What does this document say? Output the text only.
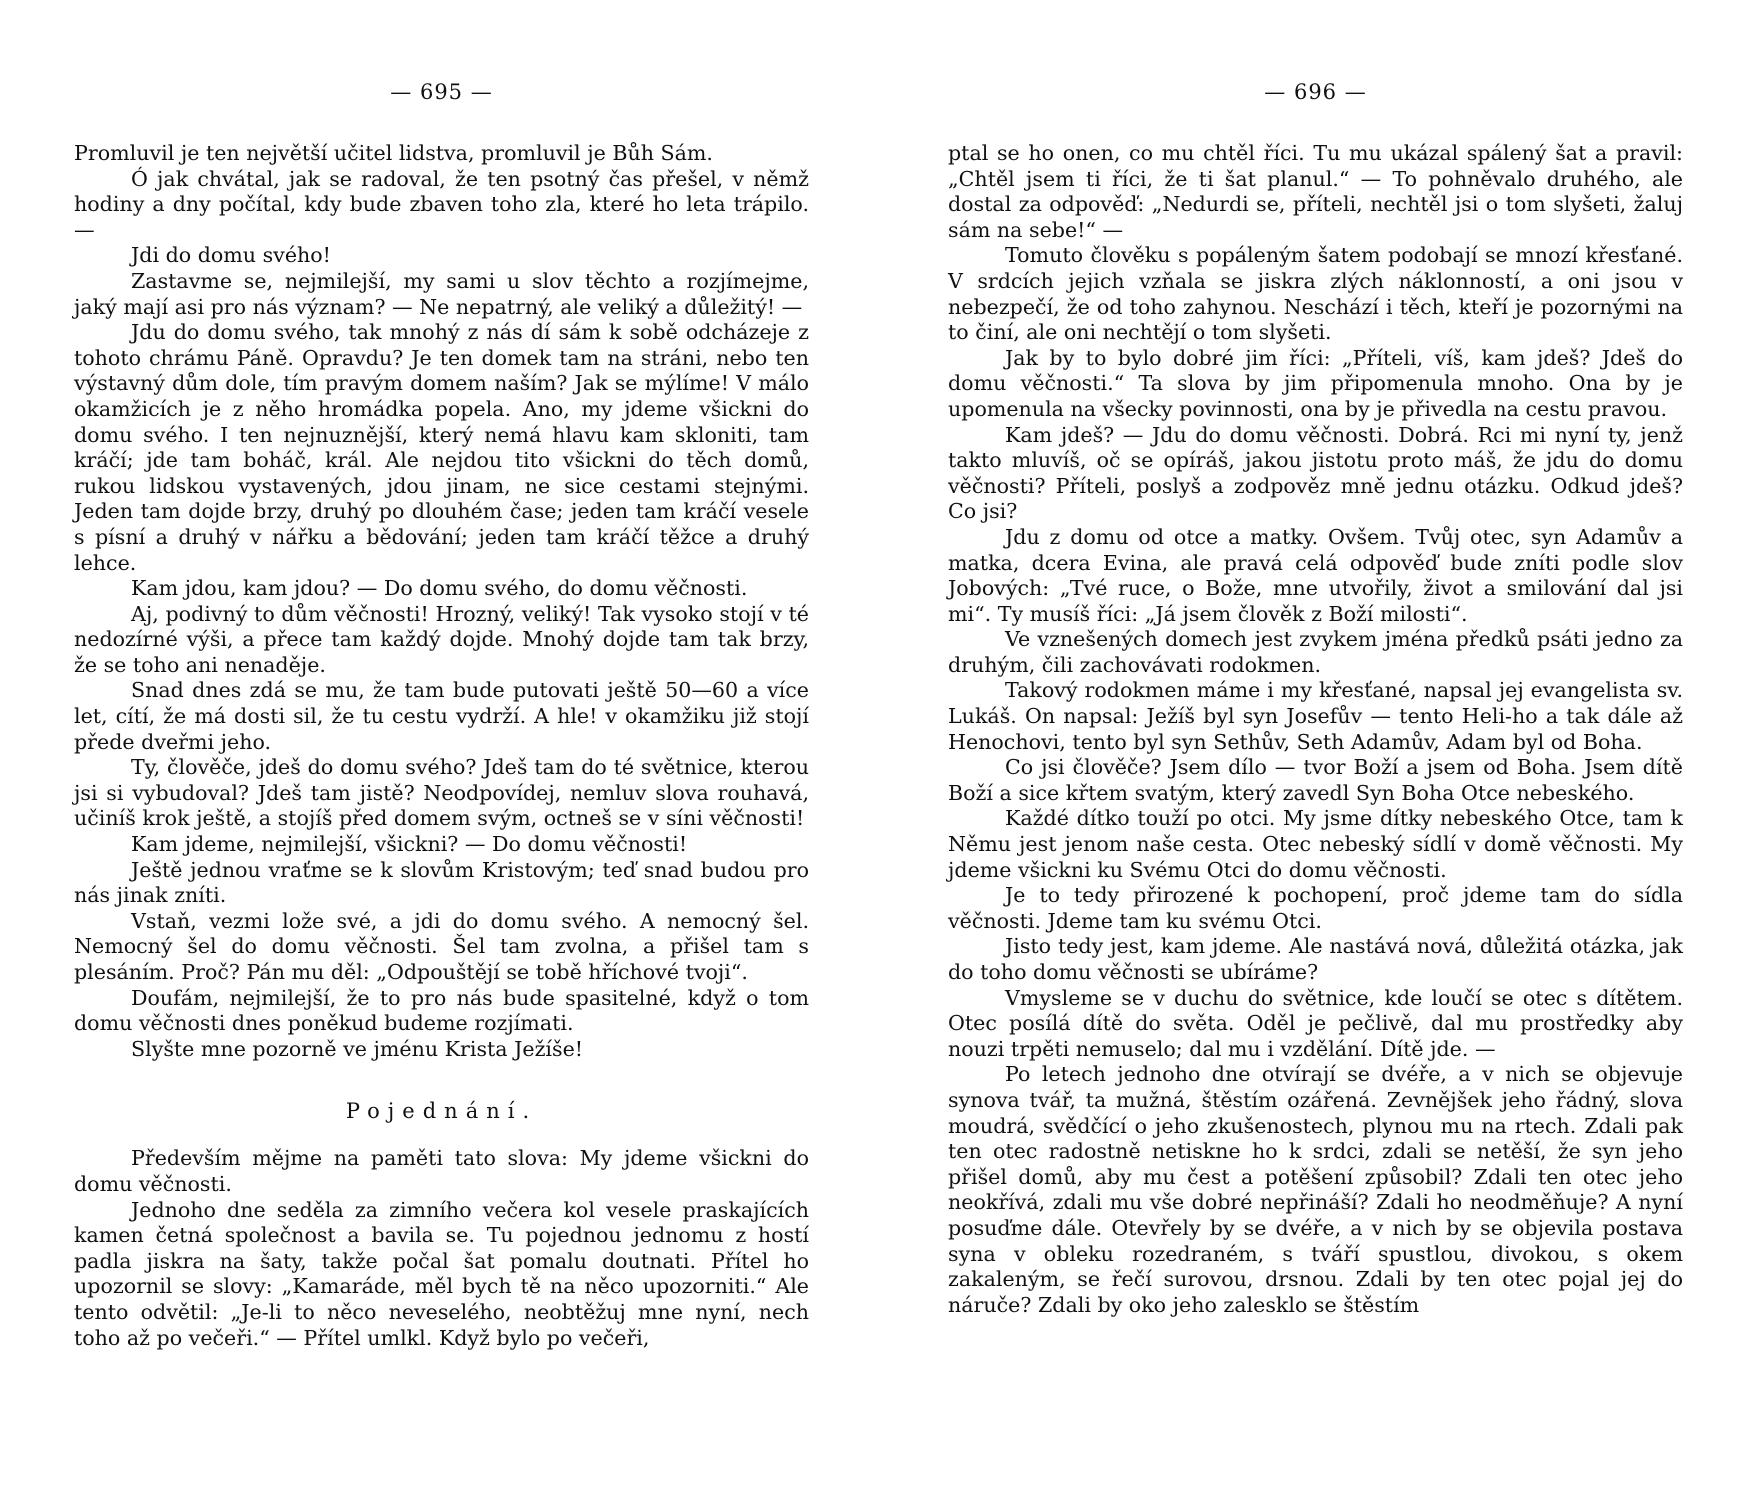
— 695 —

Promluvil je ten největší učitel lidstva, promluvil je Bůh Sám.

Ó jak chvátal, jak se radoval, že ten psotný čas přešel, v němž hodiny a dny počítal, kdy bude zbaven toho zla, které ho leta trápilo. —

Jdi do domu svého!

Zastavme se, nejmilejší, my sami u slov těchto a rozjímejme, jaký mají asi pro nás význam? — Ne nepatrný, ale veliký a důležitý! —

Jdu do domu svého, tak mnohý z nás dí sám k sobě odcházeje z tohoto chrámu Páně. Opravdu? Je ten domek tam na stráni, nebo ten výstavný dům dole, tím pravým domem naším? Jak se mýlíme! V málo okamžicích je z něho hromádka popela. Ano, my jdeme všickni do domu svého. I ten nejnuznější, který nemá hlavu kam skloniti, tam kráčí; jde tam boháč, král. Ale nejdou tito všickni do těch domů, rukou lidskou vystavených, jdou jinam, ne sice cestami stejnými. Jeden tam dojde brzy, druhý po dlouhém čase; jeden tam kráčí vesele s písní a druhý v nářku a bědování; jeden tam kráčí těžce a druhý lehce.

Kam jdou, kam jdou? — Do domu svého, do domu věčnosti.

Aj, podivný to dům věčnosti! Hrozný, veliký! Tak vysoko stojí v té nedozírné výši, a přece tam každý dojde. Mnohý dojde tam tak brzy, že se toho ani nenaděje.

Snad dnes zdá se mu, že tam bude putovati ještě 50—60 a více let, cítí, že má dosti sil, že tu cestu vydrží. A hle! v okamžiku již stojí přede dveřmi jeho.

Ty, člověče, jdeš do domu svého? Jdeš tam do té světnice, kterou jsi si vybudoval? Jdeš tam jistě? Neodpovídej, nemluv slova rouhavá, učiníš krok ještě, a stojíš před domem svým, octneš se v síni věčnosti!

Kam jdeme, nejmilejší, všickni? — Do domu věčnosti!

Ještě jednou vraťme se k slovům Kristovým; teď snad budou pro nás jinak zníti.

Vstaň, vezmi lože své, a jdi do domu svého. A nemocný šel. Nemocný šel do domu věčnosti. Šel tam zvolna, a přišel tam s plesáním. Proč? Pán mu děl: „Odpouštějí se tobě hříchové tvoji“.

Doufám, nejmilejší, že to pro nás bude spasitelné, když o tom domu věčnosti dnes poněkud budeme rozjímati.

Slyšte mne pozorně ve jménu Krista Ježíše!

Pojednání.

Především mějme na paměti tato slova: My jdeme všickni do domu věčnosti.

Jednoho dne seděla za zimního večera kol vesele praskajících kamen četná společnost a bavila se. Tu pojednou jednomu z hostí padla jiskra na šaty, takže počal šat pomalu doutnati. Přítel ho upozornil se slovy: „Kamaráde, měl bych tě na něco upozorniti.“ Ale tento odvětil: „Je-li to něco neveselého, neobtěžuj mne nyní, nech toho až po večeři.“ — Přítel umlkl. Když bylo po večeři,

— 696 —

ptal se ho onen, co mu chtěl říci. Tu mu ukázal spálený šat a pravil: „Chtěl jsem ti říci, že ti šat planul.“ — To pohněvalo druhého, ale dostal za odpověď: „Nedurdi se, příteli, nechtěl jsi o tom slyšeti, žaluj sám na sebe!“ —

Tomuto člověku s popáleným šatem podobají se mnozí křesťané. V srdcích jejich vzňala se jiskra zlých náklonností, a oni jsou v nebezpečí, že od toho zahynou. Neschází i těch, kteří je pozornými na to činí, ale oni nechtějí o tom slyšeti.

Jak by to bylo dobré jim říci: „Příteli, víš, kam jdeš? Jdeš do domu věčnosti.“ Ta slova by jim připomenula mnoho. Ona by je upomenula na všecky povinnosti, ona by je přivedla na cestu pravou.

Kam jdeš? — Jdu do domu věčnosti. Dobrá. Rci mi nyní ty, jenž takto mluvíš, oč se opíráš, jakou jistotu proto máš, že jdu do domu věčnosti? Příteli, poslyš a zodpověz mně jednu otázku. Odkud jdeš? Co jsi?

Jdu z domu od otce a matky. Ovšem. Tvůj otec, syn Adamův a matka, dcera Evina, ale pravá celá odpověď bude zníti podle slov Jobových: „Tvé ruce, o Bože, mne utvořily, život a smilování dal jsi mi“. Ty musíš říci: „Já jsem člověk z Boží milosti“.

Ve vznešených domech jest zvykem jména předků psáti jedno za druhým, čili zachovávati rodokmen.

Takový rodokmen máme i my křesťané, napsal jej evangelista sv. Lukáš. On napsal: Ježíš byl syn Josefův — tento Heli-ho a tak dále až Henochovi, tento byl syn Sethův, Seth Adamův, Adam byl od Boha.

Co jsi člověče? Jsem dílo — tvor Boží a jsem od Boha. Jsem dítě Boží a sice křtem svatým, který zavedl Syn Boha Otce nebeského.

Každé dítko touží po otci. My jsme dítky nebeského Otce, tam k Němu jest jenom naše cesta. Otec nebeský sídlí v domě věčnosti. My jdeme všickni ku Svému Otci do domu věčnosti.

Je to tedy přirozené k pochopení, proč jdeme tam do sídla věčnosti. Jdeme tam ku svému Otci.

Jisto tedy jest, kam jdeme. Ale nastává nová, důležitá otázka, jak do toho domu věčnosti se ubíráme?

Vmysleme se v duchu do světnice, kde loučí se otec s dítětem. Otec posílá dítě do světa. Oděl je pečlivě, dal mu prostředky aby nouzi trpěti nemuselo; dal mu i vzdělání. Dítě jde. —

Po letech jednoho dne otvírají se dvéře, a v nich se objevuje synova tvář, ta mužná, štěstím ozářená. Zevnějšek jeho řádný, slova moudrá, svědčící o jeho zkušenostech, plynou mu na rtech. Zdali pak ten otec radostně netiskne ho k srdci, zdali se netěší, že syn jeho přišel domů, aby mu čest a potěšení způsobil? Zdali ten otec jeho neokřívá, zdali mu vše dobré nepřináší? Zdali ho neodměňuje? A nyní posuďme dále. Otevřely by se dvéře, a v nich by se objevila postava syna v obleku rozedraném, s tváří spustlou, divokou, s okem zakaleným, se řečí surovou, drsnou. Zdali by ten otec pojal jej do náruče? Zdali by oko jeho zalesklo se štěstím
